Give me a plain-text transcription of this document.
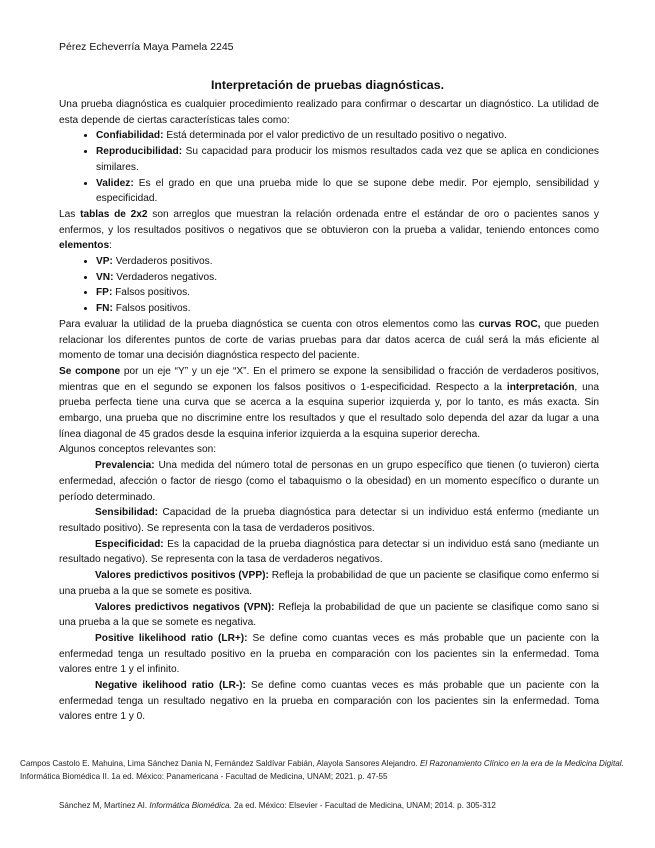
Pérez Echeverría Maya Pamela 2245
Interpretación de pruebas diagnósticas.

Una prueba diagnóstica es cualquier procedimiento realizado para confirmar o descartar un diagnóstico. La utilidad de esta depende de ciertas características tales como:

• Confiabilidad: Está determinada por el valor predictivo de un resultado positivo o negativo.
• Reproducibilidad: Su capacidad para producir los mismos resultados cada vez que se aplica en condiciones similares.
• Validez: Es el grado en que una prueba mide lo que se supone debe medir. Por ejemplo, sensibilidad y especificidad.

Las tablas de 2x2 son arreglos que muestran la relación ordenada entre el estándar de oro o pacientes sanos y enfermos, y los resultados positivos o negativos que se obtuvieron con la prueba a validar, teniendo entonces como elementos:

• VP: Verdaderos positivos.
• VN: Verdaderos negativos.
• FP: Falsos positivos.
• FN: Falsos positivos.

Para evaluar la utilidad de la prueba diagnóstica se cuenta con otros elementos como las curvas ROC, que pueden relacionar los diferentes puntos de corte de varias pruebas para dar datos acerca de cuál será la más eficiente al momento de tomar una decisión diagnóstica respecto del paciente.

Se compone por un eje “Y” y un eje “X”. En el primero se expone la sensibilidad o fracción de verdaderos positivos, mientras que en el segundo se exponen los falsos positivos o 1-especificidad. Respecto a la interpretación, una prueba perfecta tiene una curva que se acerca a la esquina superior izquierda y, por lo tanto, es más exacta. Sin embargo, una prueba que no discrimine entre los resultados y que el resultado solo dependa del azar da lugar a una línea diagonal de 45 grados desde la esquina inferior izquierda a la esquina superior derecha.

Algunos conceptos relevantes son:

Prevalencia: Una medida del número total de personas en un grupo específico que tienen (o tuvieron) cierta enfermedad, afección o factor de riesgo (como el tabaquismo o la obesidad) en un momento específico o durante un período determinado.

Sensibilidad: Capacidad de la prueba diagnóstica para detectar si un individuo está enfermo (mediante un resultado positivo). Se representa con la tasa de verdaderos positivos.

Especificidad: Es la capacidad de la prueba diagnóstica para detectar si un individuo está sano (mediante un resultado negativo). Se representa con la tasa de verdaderos negativos.

Valores predictivos positivos (VPP): Refleja la probabilidad de que un paciente se clasifique como enfermo si una prueba a la que se somete es positiva.

Valores predictivos negativos (VPN): Refleja la probabilidad de que un paciente se clasifique como sano si una prueba a la que se somete es negativa.

Positive likelihood ratio (LR+): Se define como cuantas veces es más probable que un paciente con la enfermedad tenga un resultado positivo en la prueba en comparación con los pacientes sin la enfermedad. Toma valores entre 1 y el infinito.

Negative ikelihood ratio (LR-): Se define como cuantas veces es más probable que un paciente con la enfermedad tenga un resultado negativo en la prueba en comparación con los pacientes sin la enfermedad. Toma valores entre 1 y 0.

Campos Castolo E. Mahuina, Lima Sánchez Dania N, Fernández Saldívar Fabián, Alayola Sansores Alejandro. El Razonamiento Clínico en la era de la Medicina Digital. Informática Biomédica II. 1a ed. México: Panamericana - Facultad de Medicina, UNAM; 2021. p. 47-55
Sánchez M, Martínez AI. Informática Biomédica. 2a ed. México: Elsevier - Facultad de Medicina, UNAM; 2014. p. 305-312
